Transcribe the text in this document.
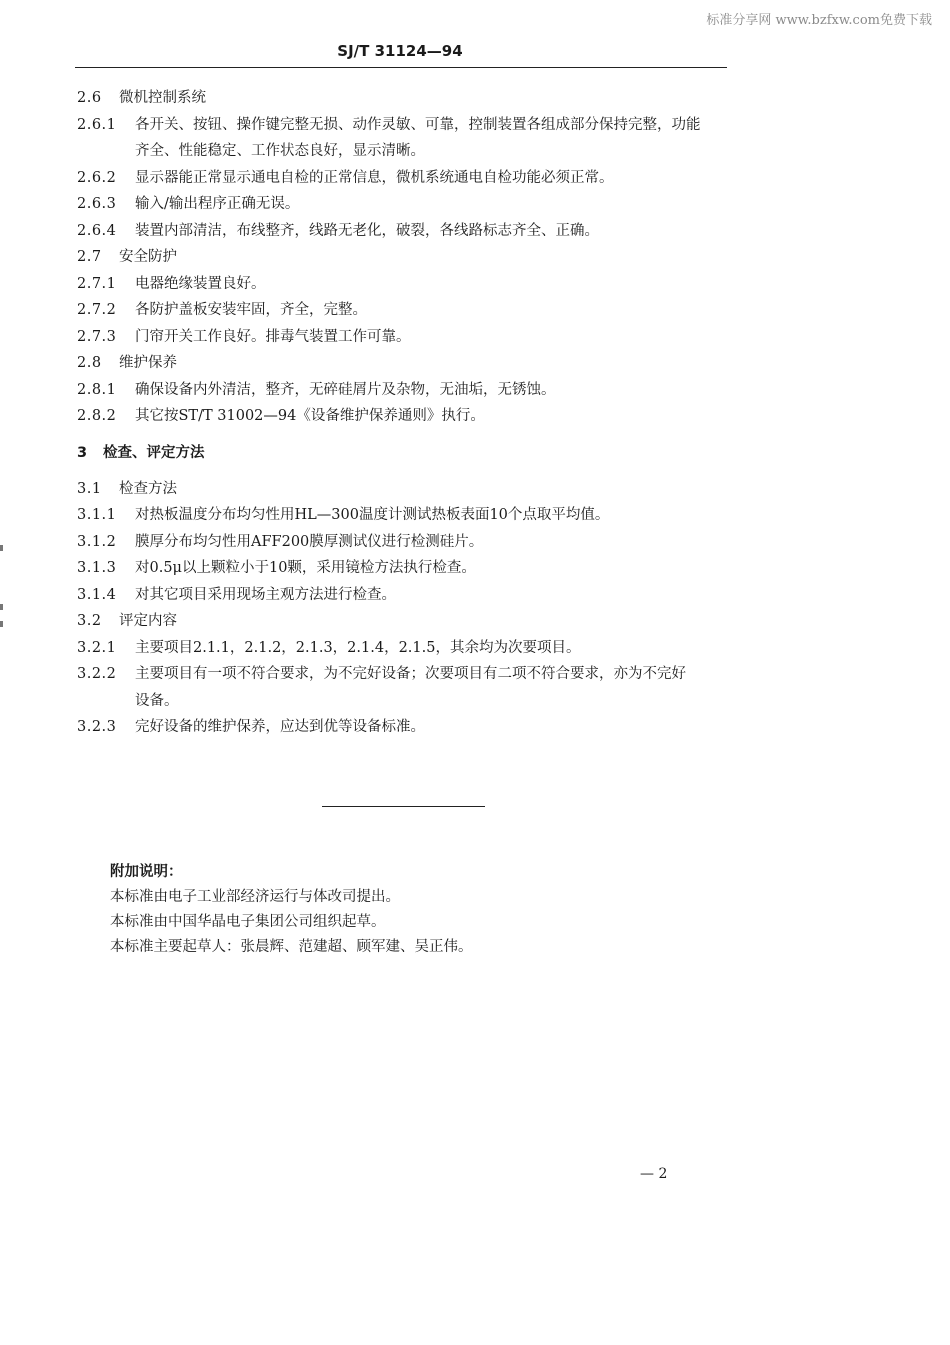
标准分享网 www.bzfxw.com免费下载
SJ/T 31124—94
2.6 微机控制系统
2.6.1 各开关、按钮、操作键完整无损、动作灵敏、可靠，控制装置各组成部分保持完整，功能
齐全、性能稳定、工作状态良好，显示清晰。
2.6.2 显示器能正常显示通电自检的正常信息，微机系统通电自检功能必须正常。
2.6.3 输入/输出程序正确无误。
2.6.4 装置内部清洁，布线整齐，线路无老化，破裂，各线路标志齐全、正确。
2.7 安全防护
2.7.1 电器绝缘装置良好。
2.7.2 各防护盖板安装牢固，齐全，完整。
2.7.3 门帘开关工作良好。排毒气装置工作可靠。
2.8 维护保养
2.8.1 确保设备内外清洁，整齐，无碎硅屑片及杂物，无油垢，无锈蚀。
2.8.2 其它按ST/T 31002—94《设备维护保养通则》执行。
3 检查、评定方法
3.1 检查方法
3.1.1 对热板温度分布均匀性用HL—300温度计测试热板表面10个点取平均值。
3.1.2 膜厚分布均匀性用AFF200膜厚测试仪进行检测硅片。
3.1.3 对0.5μ以上颗粒小于10颗，采用镜检方法执行检查。
3.1.4 对其它项目采用现场主观方法进行检查。
3.2 评定内容
3.2.1 主要项目2.1.1，2.1.2，2.1.3，2.1.4，2.1.5，其余均为次要项目。
3.2.2 主要项目有一项不符合要求，为不完好设备；次要项目有二项不符合要求，亦为不完好
设备。
3.2.3 完好设备的维护保养，应达到优等设备标准。
附加说明：
本标准由电子工业部经济运行与体改司提出。
本标准由中国华晶电子集团公司组织起草。
本标准主要起草人：张晨辉、范建超、顾军建、吴正伟。
— 2
